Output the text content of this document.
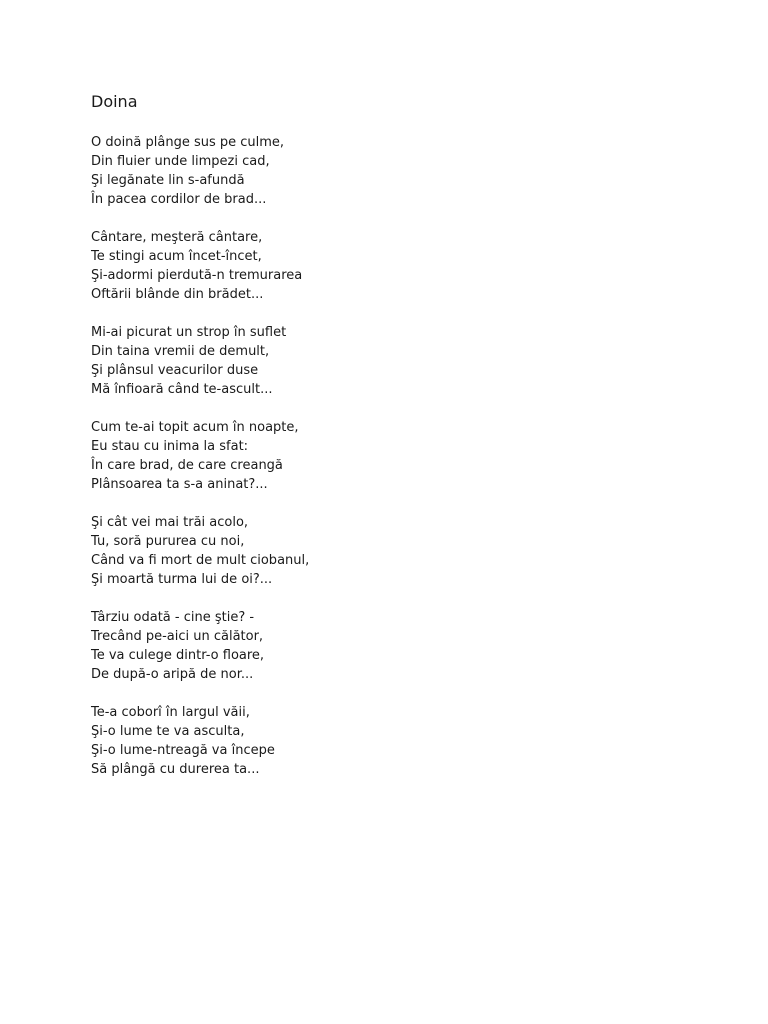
Doina
O doină plânge sus pe culme,
Din fluier unde limpezi cad,
Şi legănate lin s-afundă
În pacea cordilor de brad...
Cântare, meşteră cântare,
Te stingi acum încet-încet,
Şi-adormi pierdută-n tremurarea
Oftării blânde din brădet...
Mi-ai picurat un strop în suflet
Din taina vremii de demult,
Şi plânsul veacurilor duse
Mă înfioară când te-ascult...
Cum te-ai topit acum în noapte,
Eu stau cu inima la sfat:
În care brad, de care creangă
Plânsoarea ta s-a aninat?...
Şi cât vei mai trăi acolo,
Tu, soră pururea cu noi,
Când va fi mort de mult ciobanul,
Şi moartă turma lui de oi?...
Târziu odată - cine ştie? -
Trecând pe-aici un călător,
Te va culege dintr-o floare,
De după-o aripă de nor...
Te-a coborî în largul văii,
Şi-o lume te va asculta,
Şi-o lume-ntreagă va începe
Să plângă cu durerea ta...
